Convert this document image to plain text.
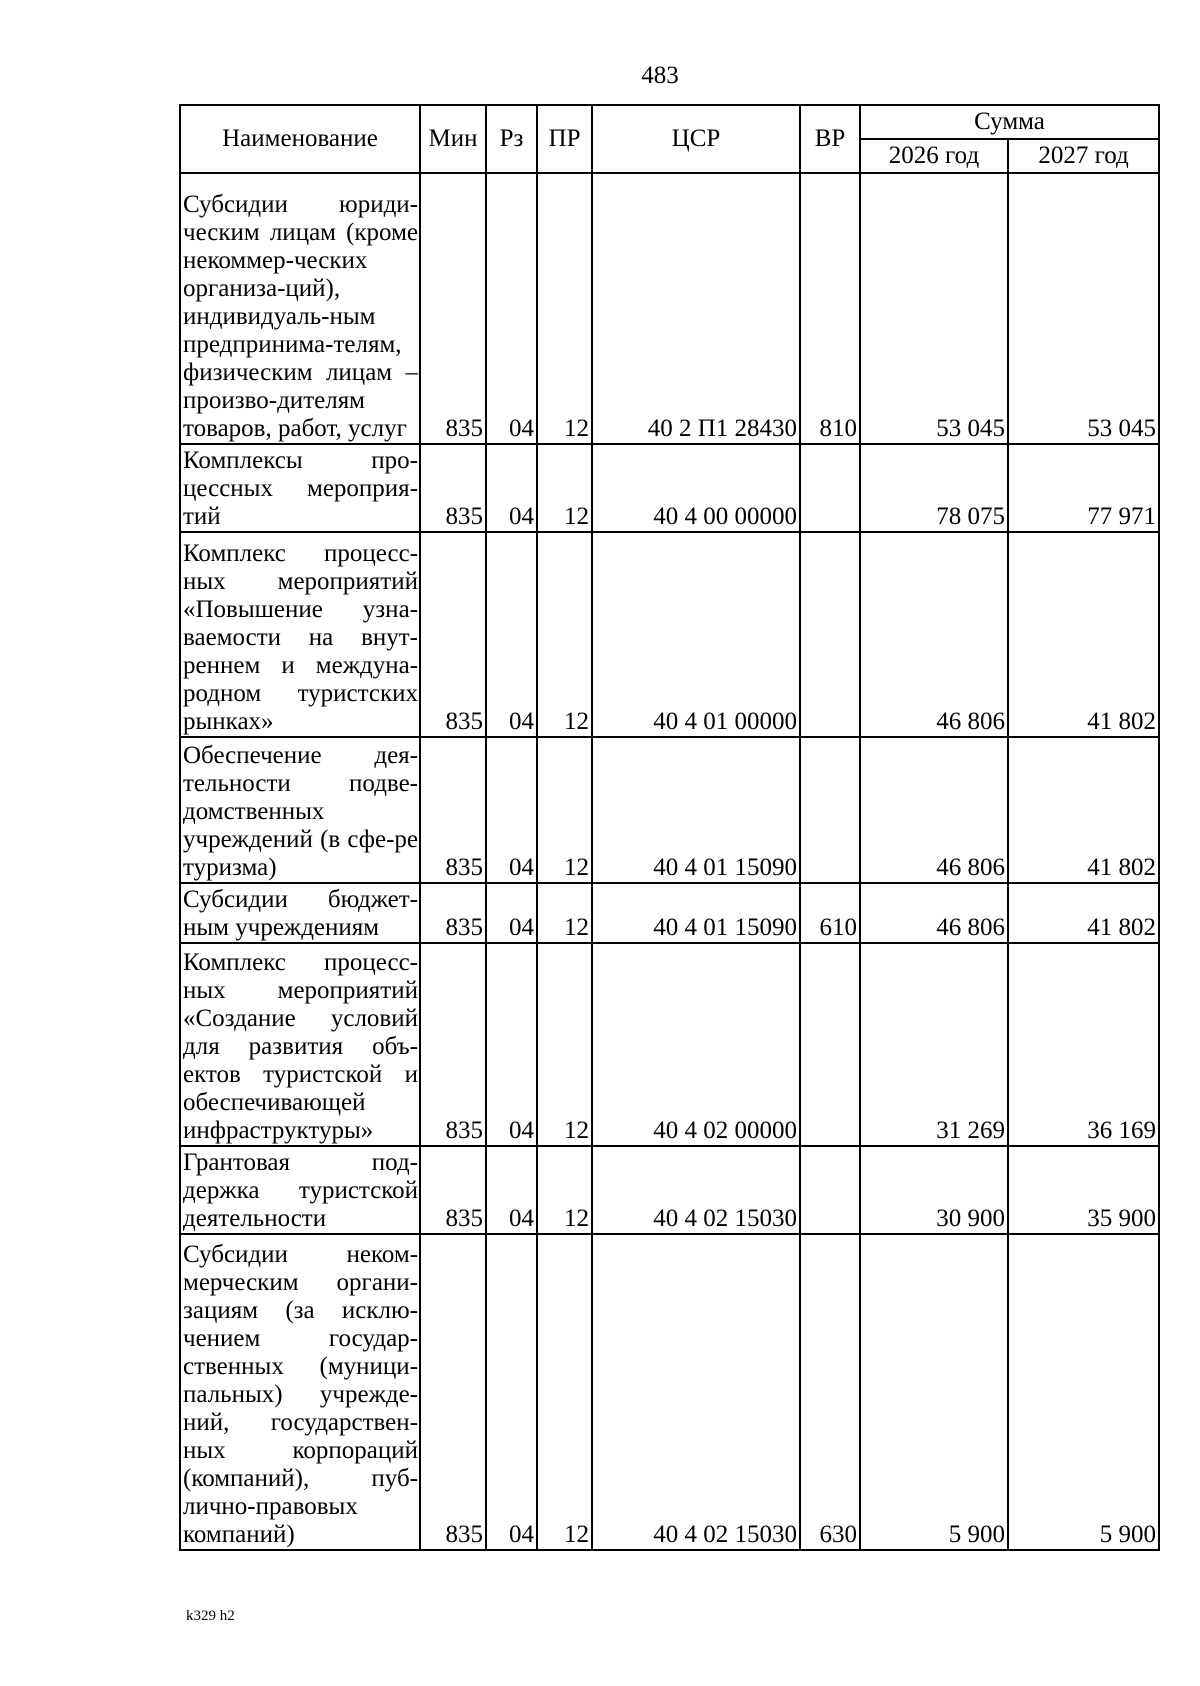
483
Наименование	Мин	Рз	ПР	ЦСР	ВР	Сумма	
						2026 год	2027 год
Субсидии юриди-ческим лицам (кроме некоммер-ческих организа-ций), индивидуаль-ным предпринима-телям, физическим лицам – произво-дителям товаров, работ, услуг	835	04	12	40 2 П1 28430	810	53 045	53 045
Комплексы про-цессных мероприя-тий	835	04	12	40 4 00 00000		78 075	77 971
Комплекс процесс-ных мероприятий «Повышение узна-ваемости на внут-реннем и междуна-родном туристских рынках»	835	04	12	40 4 01 00000		46 806	41 802
Обеспечение дея-тельности подве-домственных учреждений (в сфе-ре туризма)	835	04	12	40 4 01 15090		46 806	41 802
Субсидии бюджет-ным учреждениям	835	04	12	40 4 01 15090	610	46 806	41 802
Комплекс процесс-ных мероприятий «Создание условий для развития объ-ектов туристской и обеспечивающей инфраструктуры»	835	04	12	40 4 02 00000		31 269	36 169
Грантовая под-держка туристской деятельности	835	04	12	40 4 02 15030		30 900	35 900
Субсидии неком-мерческим органи-зациям (за исклю-чением государ-ственных (муници-пальных) учрежде-ний, государствен-ных корпораций (компаний), пуб-лично-правовых компаний)	835	04	12	40 4 02 15030	630	5 900	5 900
k329 h2
